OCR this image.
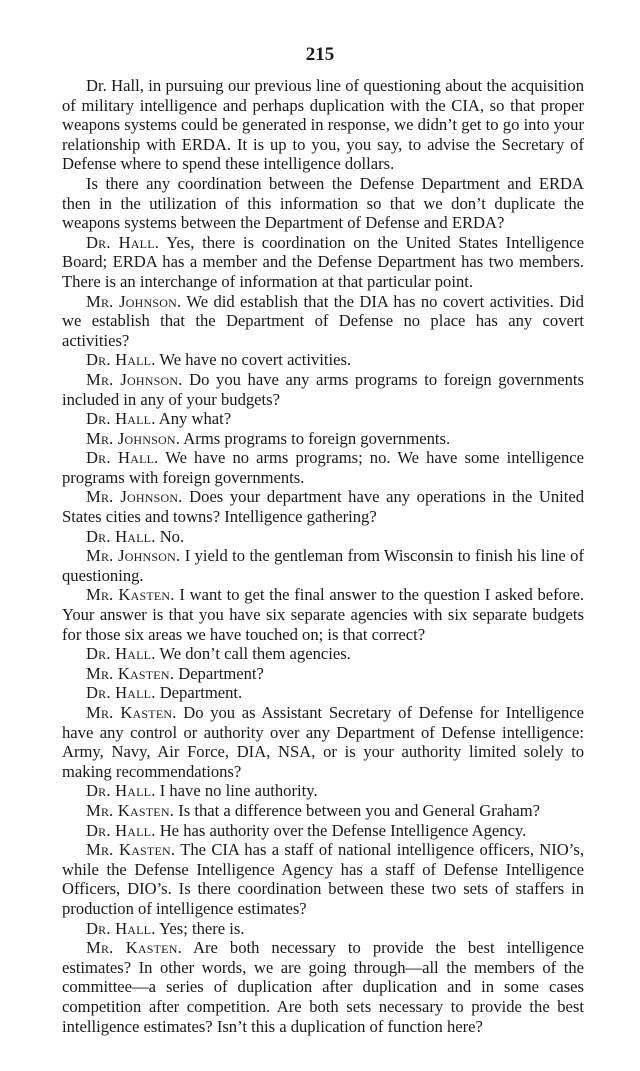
215

Dr. Hall, in pursuing our previous line of questioning about the acquisition of military intelligence and perhaps duplication with the CIA, so that proper weapons systems could be generated in response, we didn’t get to go into your relationship with ERDA. It is up to you, you say, to advise the Secretary of Defense where to spend these intelligence dollars.

Is there any coordination between the Defense Department and ERDA then in the utilization of this information so that we don’t duplicate the weapons systems between the Department of Defense and ERDA?

Dr. Hall. Yes, there is coordination on the United States Intelligence Board; ERDA has a member and the Defense Department has two members. There is an interchange of information at that particular point.

Mr. Johnson. We did establish that the DIA has no covert activities. Did we establish that the Department of Defense no place has any covert activities?

Dr. Hall. We have no covert activities.

Mr. Johnson. Do you have any arms programs to foreign governments included in any of your budgets?

Dr. Hall. Any what?

Mr. Johnson. Arms programs to foreign governments.

Dr. Hall. We have no arms programs; no. We have some intelligence programs with foreign governments.

Mr. Johnson. Does your department have any operations in the United States cities and towns? Intelligence gathering?

Dr. Hall. No.

Mr. Johnson. I yield to the gentleman from Wisconsin to finish his line of questioning.

Mr. Kasten. I want to get the final answer to the question I asked before. Your answer is that you have six separate agencies with six separate budgets for those six areas we have touched on; is that correct?

Dr. Hall. We don’t call them agencies.

Mr. Kasten. Department?

Dr. Hall. Department.

Mr. Kasten. Do you as Assistant Secretary of Defense for Intelligence have any control or authority over any Department of Defense intelligence: Army, Navy, Air Force, DIA, NSA, or is your authority limited solely to making recommendations?

Dr. Hall. I have no line authority.

Mr. Kasten. Is that a difference between you and General Graham?

Dr. Hall. He has authority over the Defense Intelligence Agency.

Mr. Kasten. The CIA has a staff of national intelligence officers, NIO’s, while the Defense Intelligence Agency has a staff of Defense Intelligence Officers, DIO’s. Is there coordination between these two sets of staffers in production of intelligence estimates?

Dr. Hall. Yes; there is.

Mr. Kasten. Are both necessary to provide the best intelligence estimates? In other words, we are going through—all the members of the committee—a series of duplication after duplication and in some cases competition after competition. Are both sets necessary to provide the best intelligence estimates? Isn’t this a duplication of function here?
